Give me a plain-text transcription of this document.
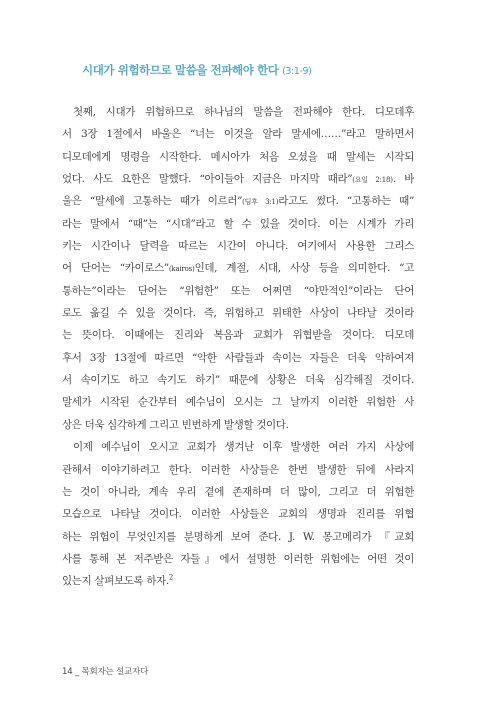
시대가 위험하므로 말씀을 전파해야 한다 (3:1-9)
첫째, 시대가 위험하므로 하나님의 말씀을 전파해야 한다. 디모데후
서 3장 1절에서 바울은 “너는 이것을 알라 말세에……”라고 말하면서
디모데에게 명령을 시작한다. 메시아가 처음 오셨을 때 말세는 시작되
었다. 사도 요한은 말했다. “아이들아 지금은 마지막 때라”(요일 2:18). 바
울은 “말세에 고통하는 때가 이르러”(딤후 3:1)라고도 썼다. “고통하는 때”
라는 말에서 “때”는 “시대”라고 할 수 있을 것이다. 이는 시계가 가리
키는 시간이나 달력을 따르는 시간이 아니다. 여기에서 사용한 그리스
어 단어는 “카이로스”(kairos)인데, 계절, 시대, 사상 등을 의미한다. “고
통하는”이라는 단어는 “위험한” 또는 어쩌면 “야만적인”이라는 단어
로도 옮길 수 있을 것이다. 즉, 위험하고 위태한 사상이 나타날 것이라
는 뜻이다. 이때에는 진리와 복음과 교회가 위협받을 것이다. 디모데
후서 3장 13절에 따르면 “악한 사람들과 속이는 자들은 더욱 악하여져
서 속이기도 하고 속기도 하기” 때문에 상황은 더욱 심각해질 것이다.
말세가 시작된 순간부터 예수님이 오시는 그 날까지 이러한 위험한 사
상은 더욱 심각하게 그리고 빈번하게 발생할 것이다.
이제 예수님이 오시고 교회가 생겨난 이후 발생한 여러 가지 사상에
관해서 이야기하려고 한다. 이러한 사상들은 한번 발생한 뒤에 사라지
는 것이 아니라, 계속 우리 곁에 존재하며 더 많이, 그리고 더 위험한
모습으로 나타날 것이다. 이러한 사상들은 교회의 생명과 진리를 위협
하는 위험이 무엇인지를 분명하게 보여 준다. J. W. 몽고메리가 『교회
사를 통해 본 저주받은 자들』에서 설명한 이러한 위험에는 어떤 것이
있는지 살펴보도록 하자.$^2$
14 _ 목회자는 설교자다
